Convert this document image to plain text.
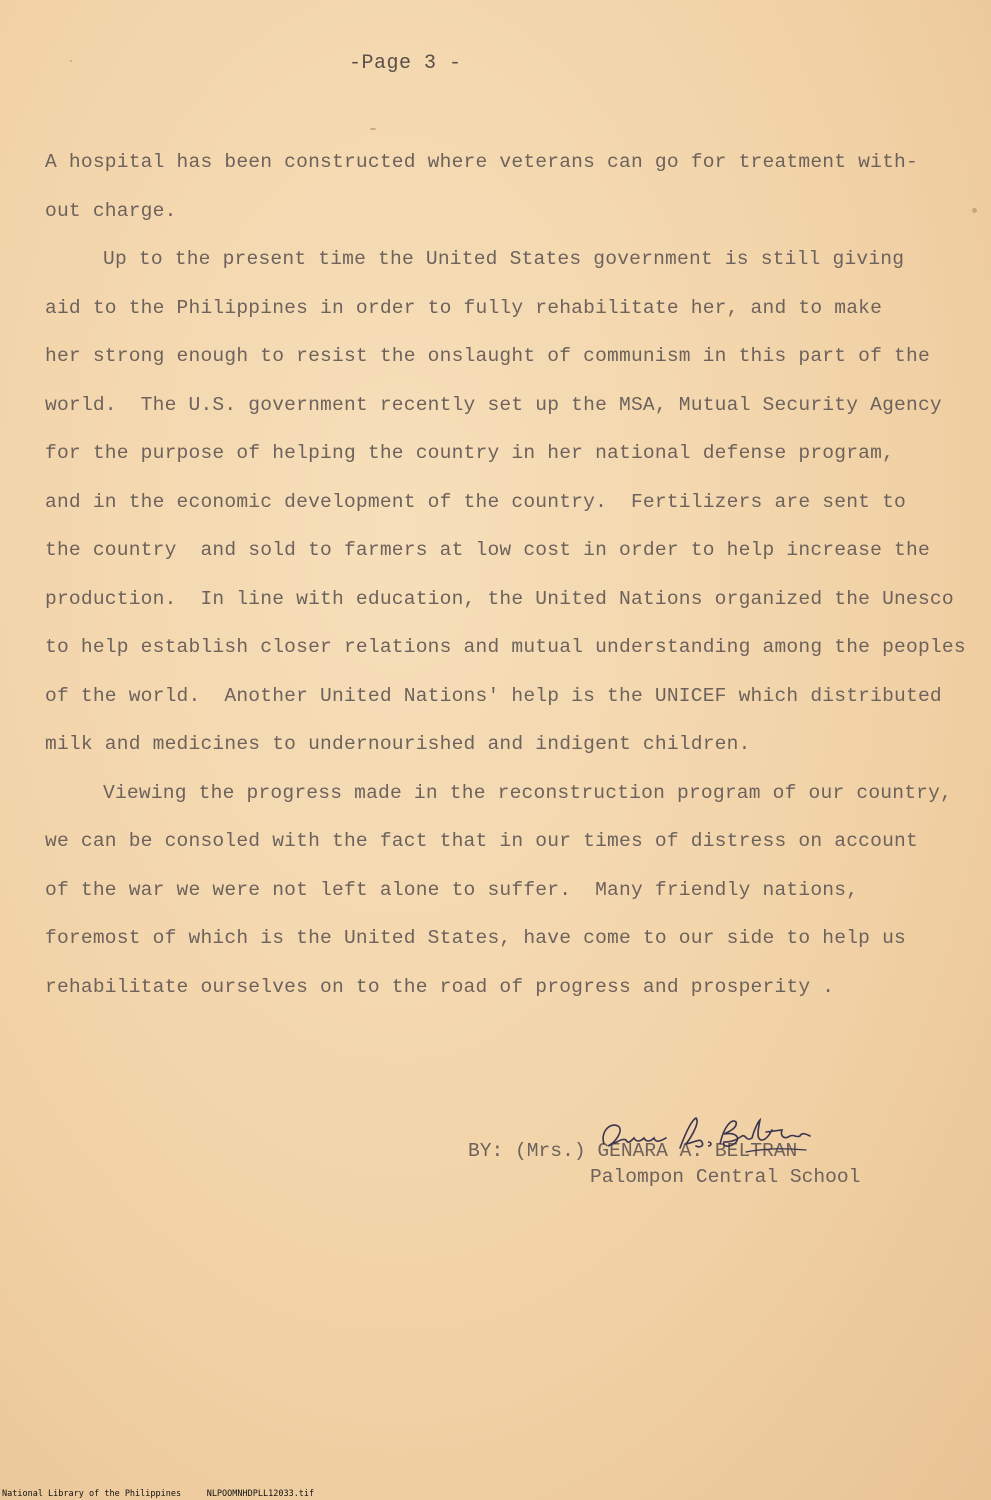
-Page 3 -
A hospital has been constructed where veterans can go for treatment with-
out charge.
Up to the present time the United States government is still giving
aid to the Philippines in order to fully rehabilitate her, and to make
her strong enough to resist the onslaught of communism in this part of the
world.  The U.S. government recently set up the MSA, Mutual Security Agency
for the purpose of helping the country in her national defense program,
and in the economic development of the country.  Fertilizers are sent to
the country  and sold to farmers at low cost in order to help increase the
production.  In line with education, the United Nations organized the Unesco
to help establish closer relations and mutual understanding among the peoples
of the world.  Another United Nations' help is the UNICEF which distributed
milk and medicines to undernourished and indigent children.
Viewing the progress made in the reconstruction program of our country,
we can be consoled with the fact that in our times of distress on account
of the war we were not left alone to suffer.  Many friendly nations,
foremost of which is the United States, have come to our side to help us
rehabilitate ourselves on to the road of progress and prosperity .
BY: (Mrs.) GENARA A. BELTRAN
Palompon Central School
National Library of the Philippines     NLPOOMNHDPLL12033.tif
